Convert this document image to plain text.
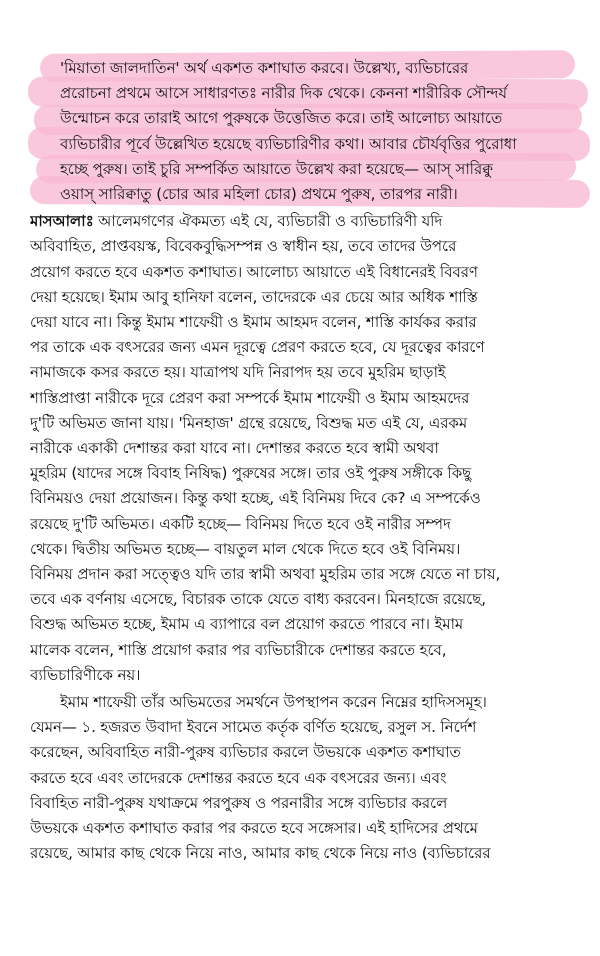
'মিয়াতা জালদাতিন' অর্থ একশত কশাঘাত করবে। উল্লেখ্য, ব্যভিচারের
প্ররোচনা প্রথমে আসে সাধারণতঃ নারীর দিক থেকে। কেননা শারীরিক সৌন্দর্য
উন্মোচন করে তারাই আগে পুরুষকে উত্তেজিত করে। তাই আলোচ্য আয়াতে
ব্যভিচারীর পূর্বে উল্লেখিত হয়েছে ব্যভিচারিণীর কথা। আবার চৌর্যবৃত্তির পুরোধা
হচ্ছে পুরুষ। তাই চুরি সম্পর্কিত আয়াতে উল্লেখ করা হয়েছে— আস্ সারিক্বু
ওয়াস্ সারিক্বাতু (চোর আর মহিলা চোর) প্রথমে পুরুষ, তারপর নারী।

মাসআলাঃ আলেমগণের ঐকমত্য এই যে, ব্যভিচারী ও ব্যভিচারিণী যদি
অবিবাহিত, প্রাপ্তবয়স্ক, বিবেকবুদ্ধিসম্পন্ন ও স্বাধীন হয়, তবে তাদের উপরে
প্রয়োগ করতে হবে একশত কশাঘাত। আলোচ্য আয়াতে এই বিধানেরই বিবরণ
দেয়া হয়েছে। ইমাম আবু হানিফা বলেন, তাদেরকে এর চেয়ে আর অধিক শাস্তি
দেয়া যাবে না। কিন্তু ইমাম শাফেয়ী ও ইমাম আহমদ বলেন, শাস্তি কার্যকর করার
পর তাকে এক বৎসরের জন্য এমন দূরত্বে প্রেরণ করতে হবে, যে দূরত্বের কারণে
নামাজকে কসর করতে হয়। যাত্রাপথ যদি নিরাপদ হয় তবে মুহরিম ছাড়াই
শাস্তিপ্রাপ্তা নারীকে দূরে প্রেরণ করা সম্পর্কে ইমাম শাফেয়ী ও ইমাম আহমদের
দু'টি অভিমত জানা যায়। 'মিনহাজ' গ্রন্থে রয়েছে, বিশুদ্ধ মত এই যে, এরকম
নারীকে একাকী দেশান্তর করা যাবে না। দেশান্তর করতে হবে স্বামী অথবা
মুহরিম (যাদের সঙ্গে বিবাহ নিষিদ্ধ) পুরুষের সঙ্গে। তার ওই পুরুষ সঙ্গীকে কিছু
বিনিময়ও দেয়া প্রয়োজন। কিন্তু কথা হচ্ছে, এই বিনিময় দিবে কে? এ সম্পর্কেও
রয়েছে দু'টি অভিমত। একটি হচ্ছে— বিনিময় দিতে হবে ওই নারীর সম্পদ
থেকে। দ্বিতীয় অভিমত হচ্ছে— বায়তুল মাল থেকে দিতে হবে ওই বিনিময়।
বিনিময় প্রদান করা সত্ত্বেও যদি তার স্বামী অথবা মুহরিম তার সঙ্গে যেতে না চায়,
তবে এক বর্ণনায় এসেছে, বিচারক তাকে যেতে বাধ্য করবেন। মিনহাজে রয়েছে,
বিশুদ্ধ অভিমত হচ্ছে, ইমাম এ ব্যাপারে বল প্রয়োগ করতে পারবে না। ইমাম
মালেক বলেন, শাস্তি প্রয়োগ করার পর ব্যভিচারীকে দেশান্তর করতে হবে,
ব্যভিচারিণীকে নয়।

ইমাম শাফেয়ী তাঁর অভিমতের সমর্থনে উপস্থাপন করেন নিম্নের হাদিসসমূহ।
যেমন— ১. হজরত উবাদা ইবনে সামেত কর্তৃক বর্ণিত হয়েছে, রসুল স. নির্দেশ
করেছেন, অবিবাহিত নারী-পুরুষ ব্যভিচার করলে উভয়কে একশত কশাঘাত
করতে হবে এবং তাদেরকে দেশান্তর করতে হবে এক বৎসরের জন্য। এবং
বিবাহিত নারী-পুরুষ যথাক্রমে পরপুরুষ ও পরনারীর সঙ্গে ব্যভিচার করলে
উভয়কে একশত কশাঘাত করার পর করতে হবে সঙ্গেসার। এই হাদিসের প্রথমে
রয়েছে, আমার কাছ থেকে নিয়ে নাও, আমার কাছ থেকে নিয়ে নাও (ব্যভিচারের
